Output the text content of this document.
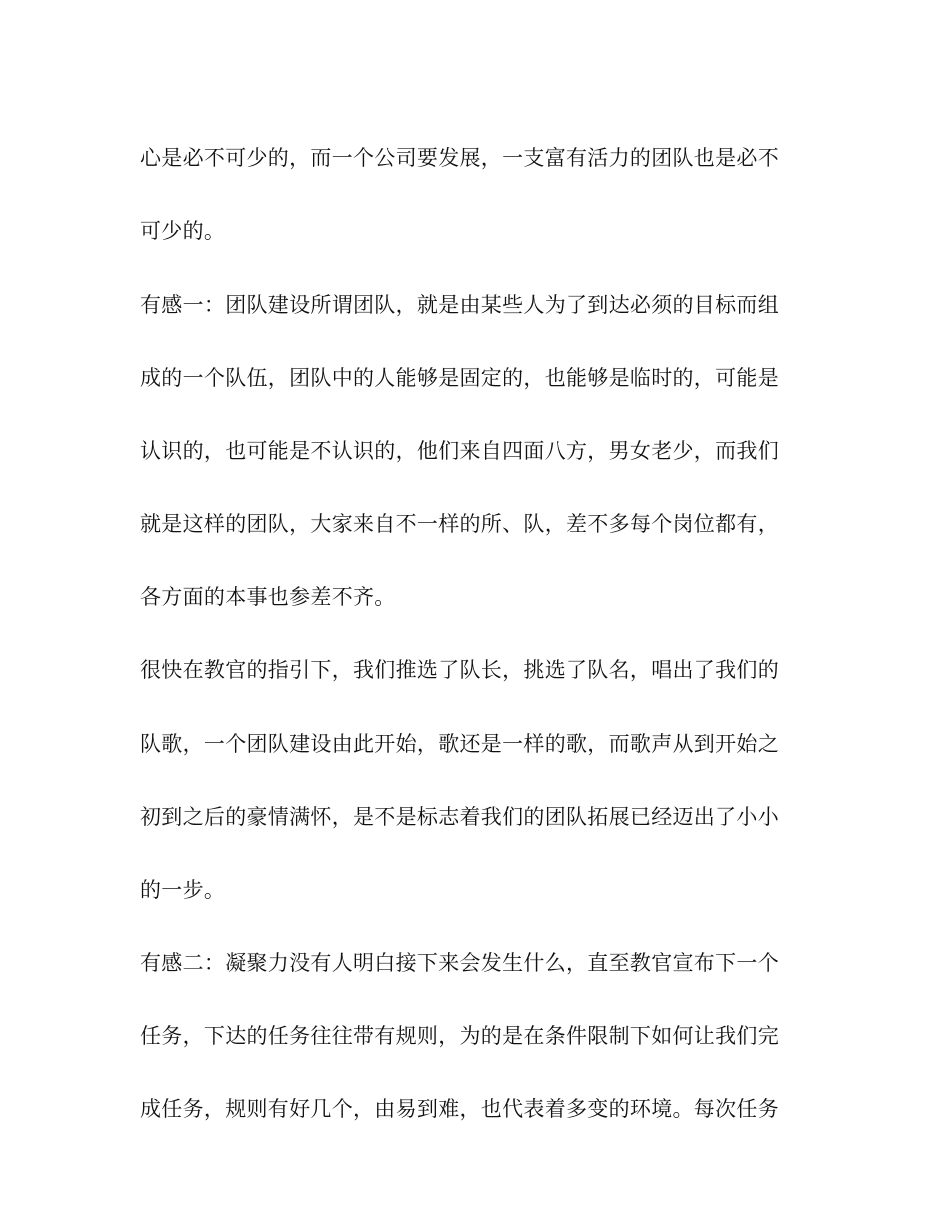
心是必不可少的，而一个公司要发展，一支富有活力的团队也是必不
可少的。
有感一：团队建设所谓团队，就是由某些人为了到达必须的目标而组
成的一个队伍，团队中的人能够是固定的，也能够是临时的，可能是
认识的，也可能是不认识的，他们来自四面八方，男女老少，而我们
就是这样的团队，大家来自不一样的所、队，差不多每个岗位都有，
各方面的本事也参差不齐。
很快在教官的指引下，我们推选了队长，挑选了队名，唱出了我们的
队歌，一个团队建设由此开始，歌还是一样的歌，而歌声从到开始之
初到之后的豪情满怀，是不是标志着我们的团队拓展已经迈出了小小
的一步。
有感二：凝聚力没有人明白接下来会发生什么，直至教官宣布下一个
任务，下达的任务往往带有规则，为的是在条件限制下如何让我们完
成任务，规则有好几个，由易到难，也代表着多变的环境。每次任务
